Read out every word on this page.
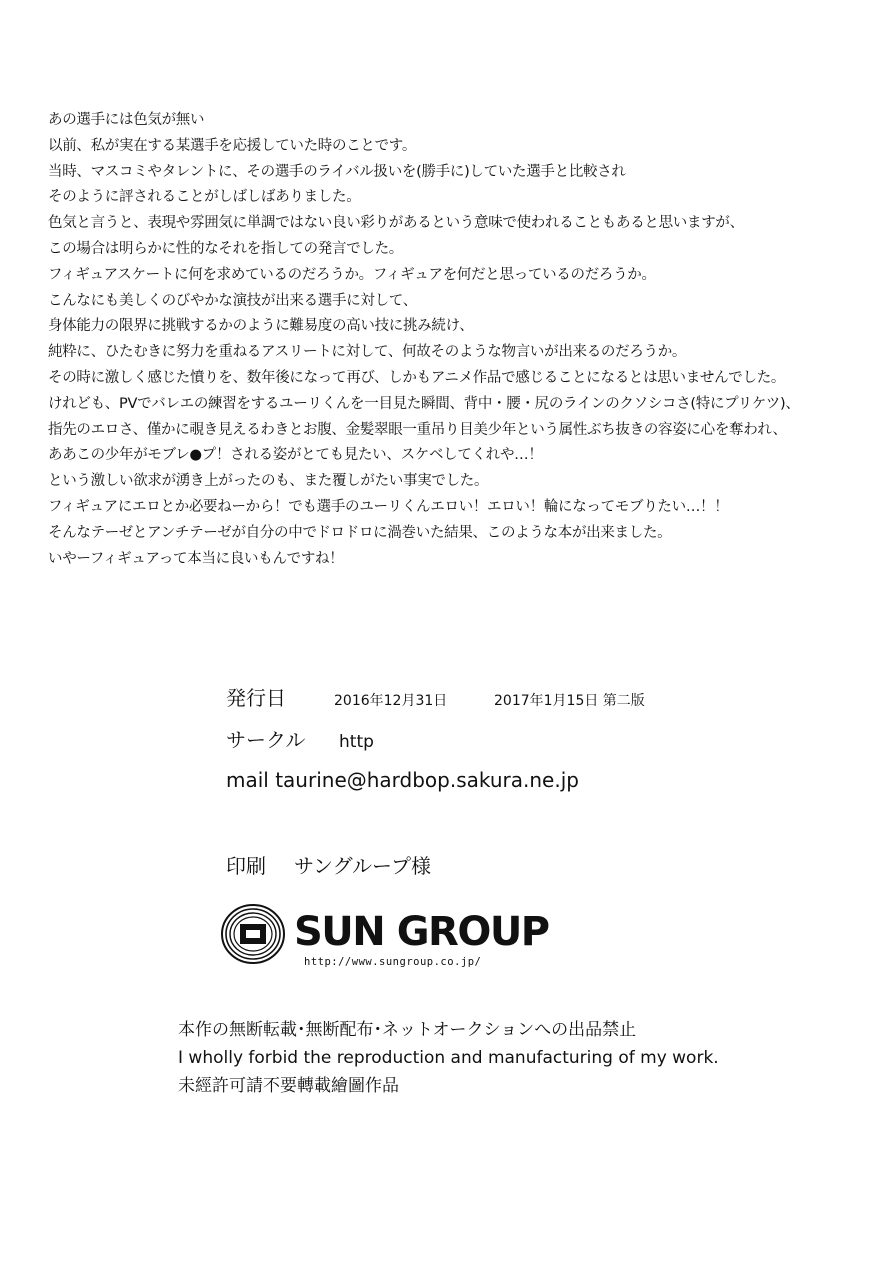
あの選手には色気が無い
以前、私が実在する某選手を応援していた時のことです。
当時、マスコミやタレントに、その選手のライバル扱いを(勝手に)していた選手と比較され
そのように評されることがしばしばありました。
色気と言うと、表現や雰囲気に単調ではない良い彩りがあるという意味で使われることもあると思いますが、
この場合は明らかに性的なそれを指しての発言でした。
フィギュアスケートに何を求めているのだろうか。フィギュアを何だと思っているのだろうか。
こんなにも美しくのびやかな演技が出来る選手に対して、
身体能力の限界に挑戦するかのように難易度の高い技に挑み続け、
純粋に、ひたむきに努力を重ねるアスリートに対して、何故そのような物言いが出来るのだろうか。
その時に激しく感じた憤りを、数年後になって再び、しかもアニメ作品で感じることになるとは思いませんでした。
けれども、PVでバレエの練習をするユーリくんを一目見た瞬間、背中・腰・尻のラインのクソシコさ(特にプリケツ)、
指先のエロさ、僅かに覗き見えるわきとお腹、金髪翠眼一重吊り目美少年という属性ぶち抜きの容姿に心を奪われ、
ああこの少年がモブレ●プ！される姿がとても見たい、スケベしてくれや…！
という激しい欲求が湧き上がったのも、また覆しがたい事実でした。
フィギュアにエロとか必要ねーから！でも選手のユーリくんエロい！エロい！輪になってモブりたい…！！
そんなテーゼとアンチテーゼが自分の中でドロドロに渦巻いた結果、このような本が出来ました。
いやーフィギュアって本当に良いもんですね！
発行日	2016年12月31日	2017年1月15日 第二版
サークル http
mail taurine@hardbop.sakura.ne.jp
印刷 サングループ様
SUN GROUP
http://www.sungroup.co.jp/
本作の無断転載･無断配布･ネットオークションへの出品禁止
I wholly forbid the reproduction and manufacturing of my work.
未經許可請不要轉載繪圖作品
